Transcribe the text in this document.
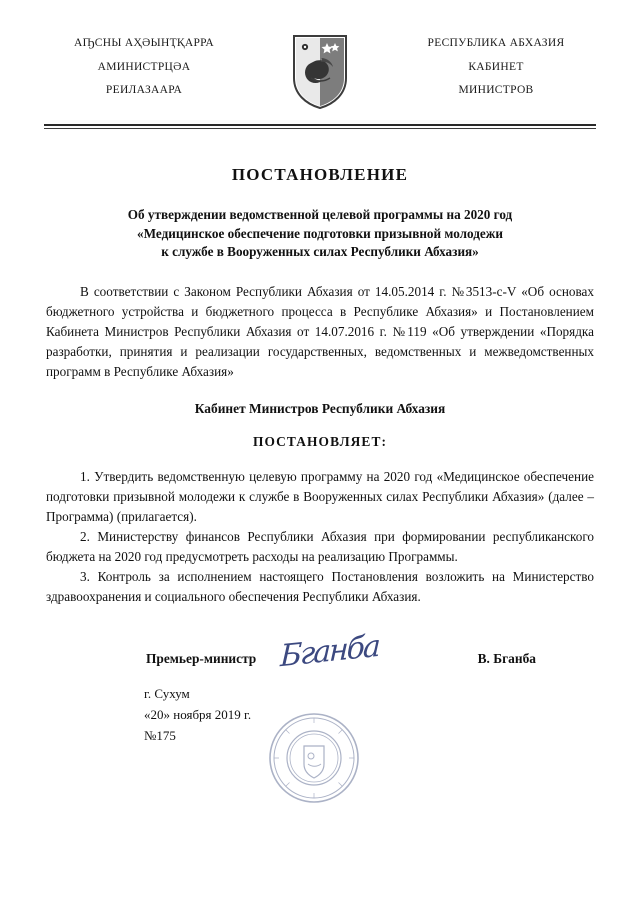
АҦСНЫ АҲӘЫНҬҚАРРА
АМИНИСТРЦӘА
РЕИЛАЗААРА
РЕСПУБЛИКА АБХАЗИЯ
КАБИНЕТ
МИНИСТРОВ
ПОСТАНОВЛЕНИЕ
Об утверждении ведомственной целевой программы на 2020 год
«Медицинское обеспечение подготовки призывной молодежи
к службе в Вооруженных силах Республики Абхазия»

В соответствии с Законом Республики Абхазия от 14.05.2014 г. №3513-с-V «Об основах бюджетного устройства и бюджетного процесса в Республике Абхазия» и Постановлением Кабинета Министров Республики Абхазия от 14.07.2016 г. №119 «Об утверждении «Порядка разработки, принятия и реализации государственных, ведомственных и межведомственных программ в Республике Абхазия»

Кабинет Министров Республики Абхазия
ПОСТАНОВЛЯЕТ:

1. Утвердить ведомственную целевую программу на 2020 год «Медицинское обеспечение подготовки призывной молодежи к службе в Вооруженных силах Республики Абхазия» (далее – Программа) (прилагается).

2. Министерству финансов Республики Абхазия при формировании республиканского бюджета на 2020 год предусмотреть расходы на реализацию Программы.

3. Контроль за исполнением настоящего Постановления возложить на Министерство здравоохранения и социального обеспечения Республики Абхазия.

Премьер-министр Бганба	В. Бганба
г. Сухум
«20» ноября 2019 г.
№175
